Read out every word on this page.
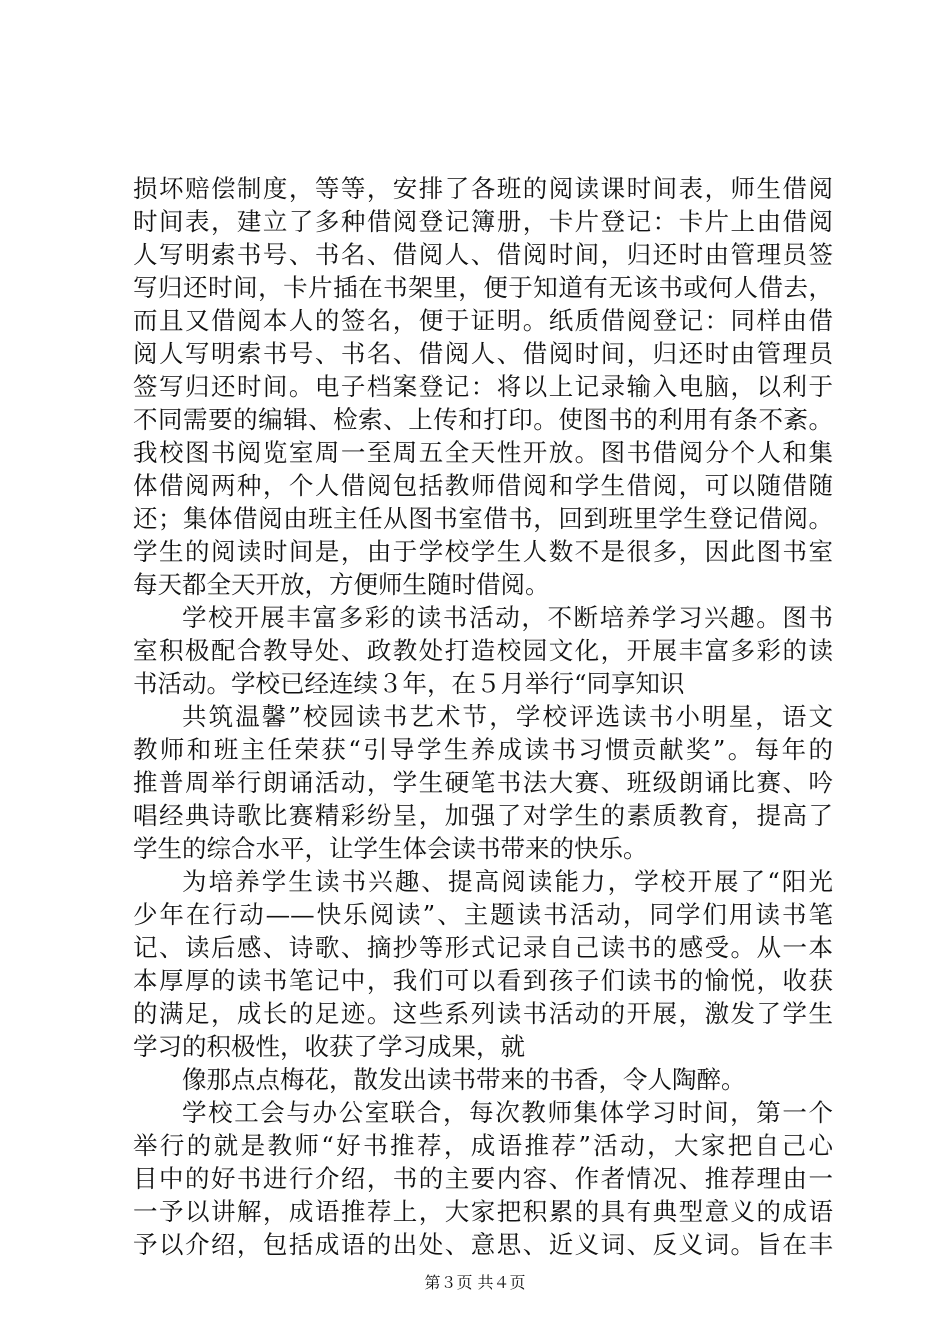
损坏赔偿制度，等等，安排了各班的阅读课时间表，师生借阅
时间表，建立了多种借阅登记簿册，卡片登记：卡片上由借阅
人写明索书号、书名、借阅人、借阅时间，归还时由管理员签
写归还时间，卡片插在书架里，便于知道有无该书或何人借去，
而且又借阅本人的签名，便于证明。纸质借阅登记：同样由借
阅人写明索书号、书名、借阅人、借阅时间，归还时由管理员
签写归还时间。电子档案登记：将以上记录输入电脑，以利于
不同需要的编辑、检索、上传和打印。使图书的利用有条不紊。
我校图书阅览室周一至周五全天性开放。图书借阅分个人和集
体借阅两种，个人借阅包括教师借阅和学生借阅，可以随借随
还；集体借阅由班主任从图书室借书，回到班里学生登记借阅。
学生的阅读时间是，由于学校学生人数不是很多，因此图书室
每天都全天开放，方便师生随时借阅。
学校开展丰富多彩的读书活动，不断培养学习兴趣。图书
室积极配合教导处、政教处打造校园文化，开展丰富多彩的读
书活动。学校已经连续３年，在５月举行“同享知识
共筑温馨”校园读书艺术节，学校评选读书小明星，语文
教师和班主任荣获“引导学生养成读书习惯贡献奖”。每年的
推普周举行朗诵活动，学生硬笔书法大赛、班级朗诵比赛、吟
唱经典诗歌比赛精彩纷呈，加强了对学生的素质教育，提高了
学生的综合水平，让学生体会读书带来的快乐。
为培养学生读书兴趣、提高阅读能力，学校开展了“阳光
少年在行动——快乐阅读”、主题读书活动，同学们用读书笔
记、读后感、诗歌、摘抄等形式记录自己读书的感受。从一本
本厚厚的读书笔记中，我们可以看到孩子们读书的愉悦，收获
的满足，成长的足迹。这些系列读书活动的开展，激发了学生
学习的积极性，收获了学习成果，就
像那点点梅花，散发出读书带来的书香，令人陶醉。
学校工会与办公室联合，每次教师集体学习时间，第一个
举行的就是教师“好书推荐，成语推荐”活动，大家把自己心
目中的好书进行介绍，书的主要内容、作者情况、推荐理由一
一予以讲解，成语推荐上，大家把积累的具有典型意义的成语
予以介绍，包括成语的出处、意思、近义词、反义词。旨在丰
第３页 共４页
